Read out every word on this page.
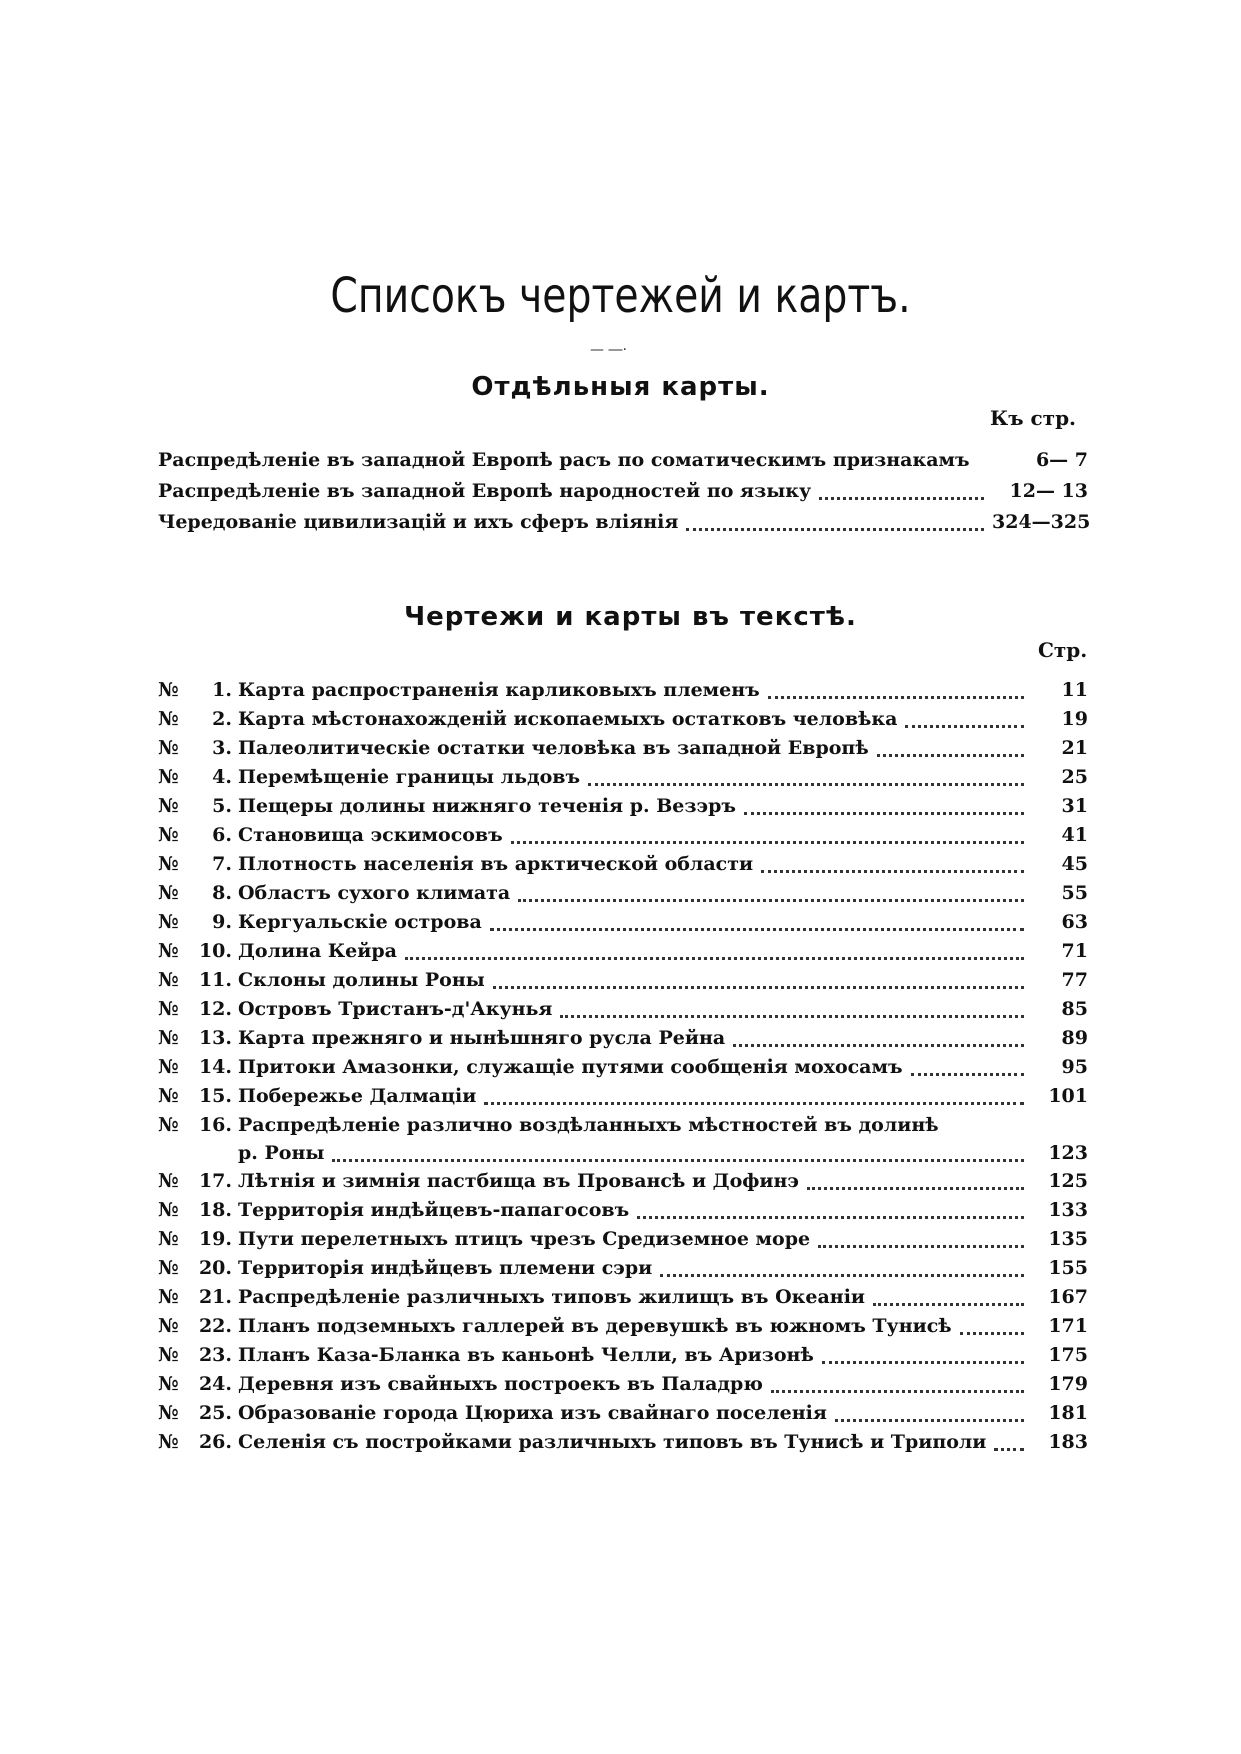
Списокъ чертежей и картъ.
— ―·
Отдѣльныя карты.
Къ стр.
Распредѣленіе въ западной Европѣ расъ по соматическимъ признакамъ	6— 7
Распредѣленіе въ западной Европѣ народностей по языку	12— 13
Чередованіе цивилизацій и ихъ сферъ вліянія	324—325
Чертежи и карты въ текстѣ.
Стр.
№	1. Карта распространенія карликовыхъ племенъ	11
№	2. Карта мѣстонахожденій ископаемыхъ остатковъ человѣка	19
№	3. Палеолитическіе остатки человѣка въ западной Европѣ	21
№	4. Перемѣщеніе границы льдовъ	25
№	5. Пещеры долины нижняго теченія р. Везэръ	31
№	6. Становища эскимосовъ	41
№	7. Плотность населенія въ арктической области	45
№	8. Областъ сухого климата	55
№	9. Кергуальскіе острова	63
№	10. Долина Кейра	71
№	11. Склоны долины Роны	77
№	12. Островъ Тристанъ-д'Акунья	85
№	13. Карта прежняго и нынѣшняго русла Рейна	89
№	14. Притоки Амазонки, служащіе путями сообщенія мохосамъ	95
№	15. Побережье Далмаціи	101
№	16. Распредѣленіе различно воздѣланныхъ мѣстностей въ долинѣ
р. Роны	123
№	17. Лѣтнія и зимнія пастбища въ Провансѣ и Дофинэ	125
№	18. Территорія индѣйцевъ-папагосовъ	133
№	19. Пути перелетныхъ птицъ чрезъ Средиземное море	135
№	20. Территорія индѣйцевъ племени сэри	155
№	21. Распредѣленіе различныхъ типовъ жилищъ въ Океаніи	167
№	22. Планъ подземныхъ галлерей въ деревушкѣ въ южномъ Тунисѣ	171
№	23. Планъ Каза-Бланка въ каньонѣ Челли, въ Аризонѣ	175
№	24. Деревня изъ свайныхъ построекъ въ Паладрю	179
№	25. Образованіе города Цюриха изъ свайнаго поселенія	181
№	26. Селенія съ постройками различныхъ типовъ въ Тунисѣ и Триполи	183
